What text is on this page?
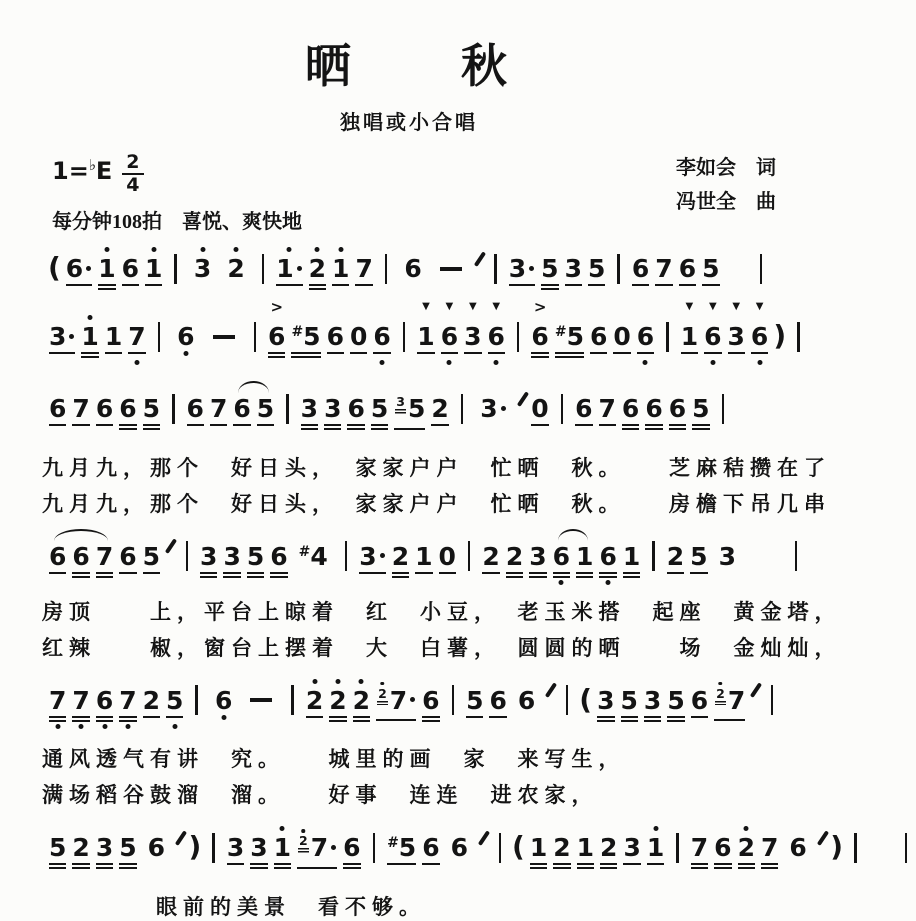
晒　　秋
独唱或小合唱
$1=^♭E \frac{2}{4}$
每分钟108拍　喜悦、爽快地
李如会　词
冯世全　曲
( 6 1 6 1 3 2 1 2 1 7 6	3 5 3 5 6 7 6 5
3 1 1 7 6	6
>
#5 6 0 6 1
▼
6
▼
3
▼
6
▼
6
>
#5 6 0 6 1
▼
6
▼
3
▼
6
▼
)
6 7 6 6 5 6 7 6 5 3 3 6 5 3 5 2 3 0 6 7 6 6 6 5
九月九，那个　好日头，　家家户户　忙晒　秋。　　芝麻秸攒在了
九月九，那个　好日头，　家家户户　忙晒　秋。　　房檐下吊几串
6 6 7 6 5 3 3 5 6 #4 3 2 1 0 2 2 3 6 1 6 1 2 5 3
房顶　　上，平台上晾着　红　小豆，　老玉米搭　起座　黄金塔，
红辣　　椒，窗台上摆着　大　白薯，　圆圆的晒　　场　金灿灿，
7 7 6 7 2 5 6	2 2 2 2 7 6 5 6 6 ( 3 5 3 5 6 2 7
通风透气有讲　究。　　城里的画　家　来写生，
满场稻谷鼓溜　溜。　　好事　连连　进农家，
5 2 3 5 6 ) 3 3 1 2 7 6 #5 6 6 ( 1 2 1 2 3 1 7 6 2 7 6 )
眼前的美景　看不够。
